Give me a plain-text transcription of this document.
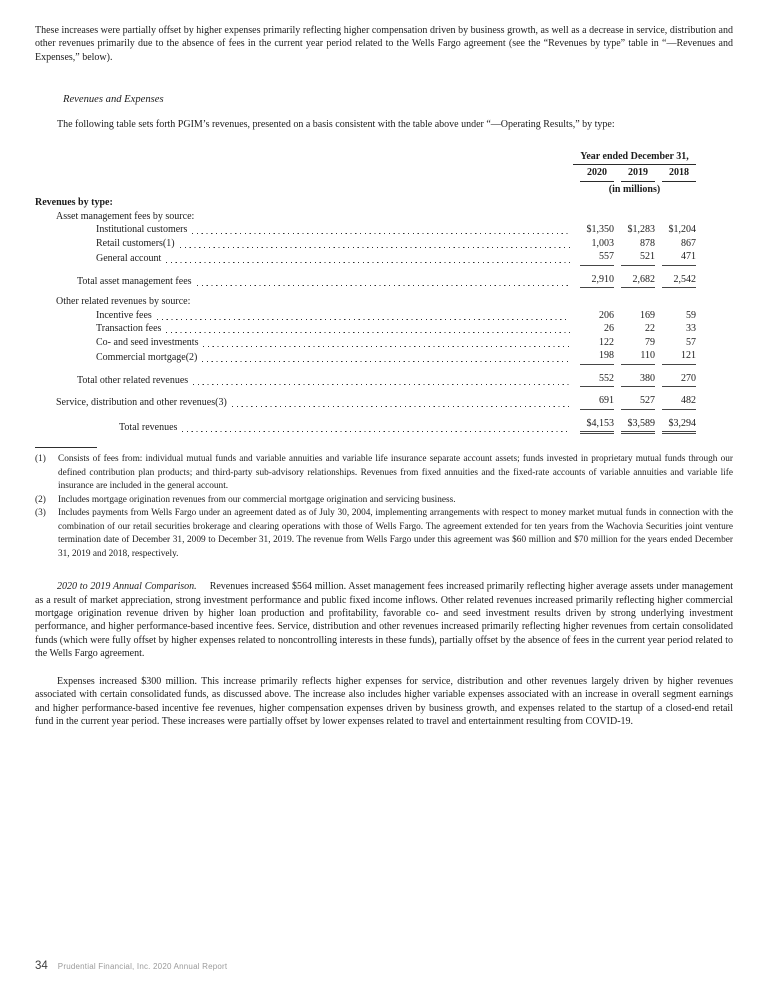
These increases were partially offset by higher expenses primarily reflecting higher compensation driven by business growth, as well as a decrease in service, distribution and other revenues primarily due to the absence of fees in the current year period related to the Wells Fargo agreement (see the “Revenues by type” table in “—Revenues and Expenses,” below).

Revenues and Expenses

The following table sets forth PGIM’s revenues, presented on a basis consistent with the table above under “—Operating Results,” by type:

Year ended December 31,
2020	2019	2018
(in millions)
Revenues by type:
Asset management fees by source:
Institutional customers	$1,350	$1,283	$1,204
Retail customers(1)	1,003	878	867
General account	557	521	471
Total asset management fees	2,910	2,682	2,542
Other related revenues by source:
Incentive fees	206	169	59
Transaction fees	26	22	33
Co- and seed investments	122	79	57
Commercial mortgage(2)	198	110	121
Total other related revenues	552	380	270
Service, distribution and other revenues(3)	691	527	482
Total revenues	$4,153	$3,589	$3,294
(1)	Consists of fees from: individual mutual funds and variable annuities and variable life insurance separate account assets; funds invested in proprietary mutual funds through our defined contribution plan products; and third-party sub-advisory relationships. Revenues from fixed annuities and the fixed-rate accounts of variable annuities and variable life insurance are included in the general account.
(2)	Includes mortgage origination revenues from our commercial mortgage origination and servicing business.
(3)	Includes payments from Wells Fargo under an agreement dated as of July 30, 2004, implementing arrangements with respect to money market mutual funds in connection with the combination of our retail securities brokerage and clearing operations with those of Wells Fargo. The agreement extended for ten years from the Wachovia Securities joint venture termination date of December 31, 2009 to December 31, 2019. The revenue from Wells Fargo under this agreement was $60 million and $70 million for the years ended December 31, 2019 and 2018, respectively.

2020 to 2019 Annual Comparison. Revenues increased $564 million. Asset management fees increased primarily reflecting higher average assets under management as a result of market appreciation, strong investment performance and public fixed income inflows. Other related revenues increased primarily reflecting higher commercial mortgage origination revenue driven by higher loan production and profitability, favorable co- and seed investment results driven by strong underlying investment performance, and higher performance-based incentive fees. Service, distribution and other revenues increased primarily reflecting higher revenues from certain consolidated funds (which were fully offset by higher expenses related to noncontrolling interests in these funds), partially offset by the absence of fees in the current year period related to the Wells Fargo agreement.

Expenses increased $300 million. This increase primarily reflects higher expenses for service, distribution and other revenues largely driven by higher revenues associated with certain consolidated funds, as discussed above. The increase also includes higher variable expenses associated with an increase in overall segment earnings and higher performance-based incentive fee revenues, higher compensation expenses driven by business growth, and expenses related to the startup of a closed-end retail fund in the current year period. These increases were partially offset by lower expenses related to travel and entertainment resulting from COVID-19.

34 Prudential Financial, Inc. 2020 Annual Report
